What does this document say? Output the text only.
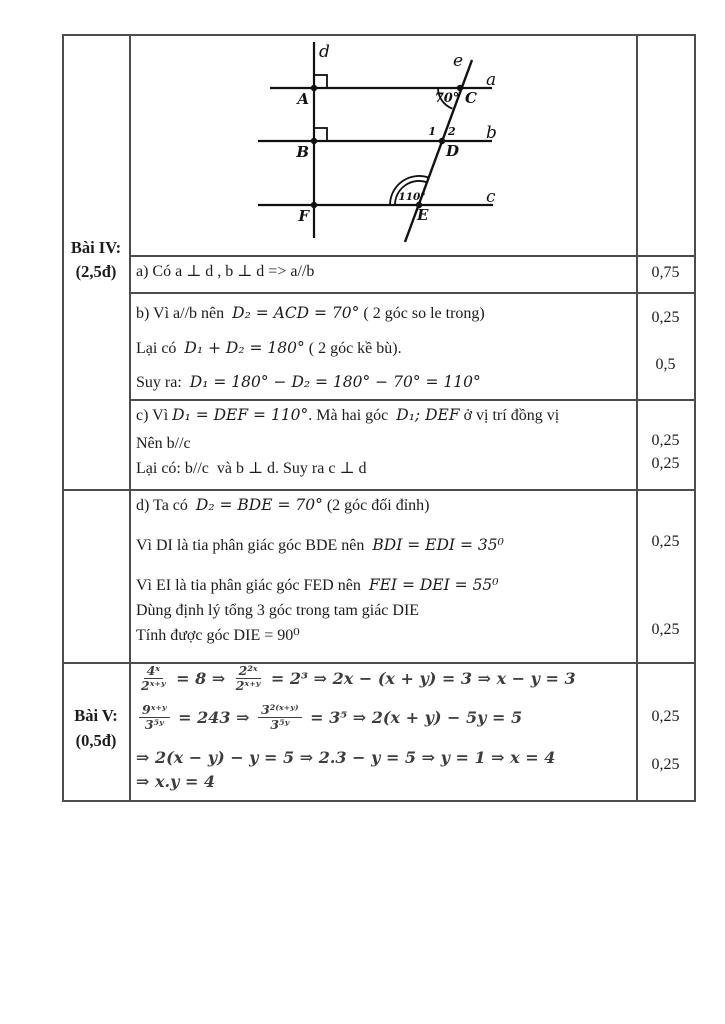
Bài IV:
(2,5đ)
Bài V:
(0,5đ)
d	e
a
b
c
A
B
F
C
D
E
1 2
70°
110°
a) Có a ⊥ d , b ⊥ d => a//b
b) Vì a//b nên  D₂ = ACD = 70° ( 2 góc so le trong)
Lại có  D₁ + D₂ = 180° ( 2 góc kề bù).
Suy ra:  D₁ = 180° − D₂ = 180° − 70° = 110°
c) Vì D₁ = DEF = 110°. Mà hai góc  D₁; DEF ở vị trí đồng vị
Nên b//c
Lại có: b//c  và b ⊥ d. Suy ra c ⊥ d
d) Ta có  D₂ = BDE = 70° (2 góc đối đỉnh)
Vì DI là tia phân giác góc BDE nên  BDI = EDI = 35⁰
Vì EI là tia phân giác góc FED nên  FEI = DEI = 55⁰
Dùng định lý tổng 3 góc trong tam giác DIE
Tính được góc DIE = 90⁰
$\frac{\text{4ˣ}}{\text{2ˣ⁺ʸ}} = 8$ ⇒ $\frac{\text{2²ˣ}}{\text{2ˣ⁺ʸ}} = 2^3$ ⇒ 2x − (x + y) = 3 ⇒ x − y = 3
$\frac{\text{9ˣ⁺ʸ}}{\text{3⁵ʸ}} = 243$ ⇒ $\frac{\text{3²⁽ˣ⁺ʸ⁾}}{\text{3⁵ʸ}} = 3^5$ ⇒ 2(x + y) − 5y = 5
⇒ 2(x − y) − y = 5 ⇒ 2.3 − y = 5 ⇒ y = 1 ⇒ x = 4
⇒ x.y = 4
0,75
0,25
0,5
0,25
0,25
0,25
0,25
0,25
0,25
